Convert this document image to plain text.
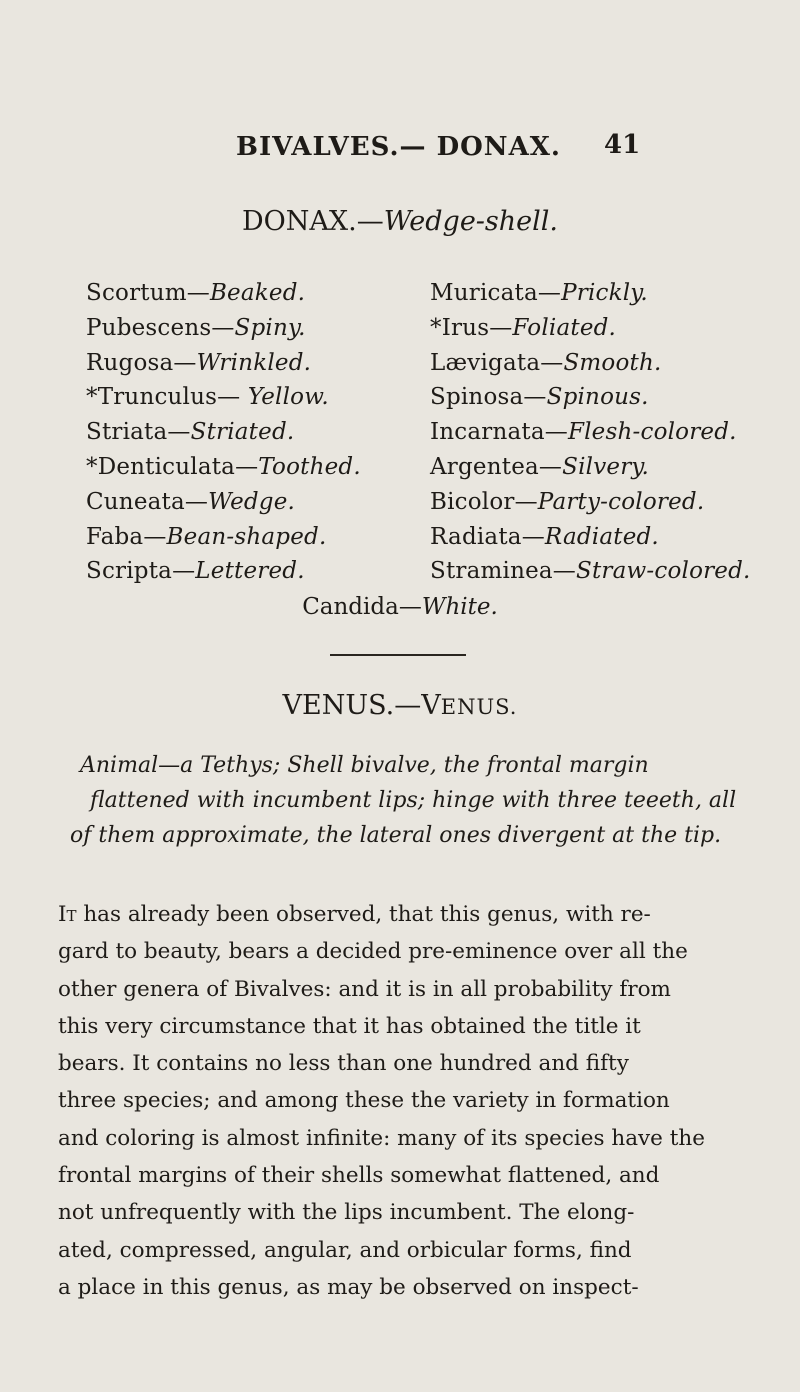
BIVALVES.— DONAX. 41
DONAX.—Wedge-shell.
Scortum—Beaked.
Pubescens—Spiny.
Rugosa—Wrinkled.
*Trunculus— Yellow.
Striata—Striated.
*Denticulata—Toothed.
Cuneata—Wedge.
Faba—Bean-shaped.
Scripta—Lettered.
Muricata—Prickly.
*Irus—Foliated.
Lævigata—Smooth.
Spinosa—Spinous.
Incarnata—Flesh-colored.
Argentea—Silvery.
Bicolor—Party-colored.
Radiata—Radiated.
Straminea—Straw-colored.
Candida—White.
VENUS.—VENUS.
Animal—a Tethys; Shell bivalve, the frontal margin
flattened with incumbent lips; hinge with three teeeth, all
of them approximate, the lateral ones divergent at the tip.
It has already been observed, that this genus, with re-
gard to beauty, bears a decided pre-eminence over all the
other genera of Bivalves: and it is in all probability from
this very circumstance that it has obtained the title it
bears. It contains no less than one hundred and fifty
three species; and among these the variety in formation
and coloring is almost infinite: many of its species have the
frontal margins of their shells somewhat flattened, and
not unfrequently with the lips incumbent. The elong-
ated, compressed, angular, and orbicular forms, find
a place in this genus, as may be observed on inspect-
